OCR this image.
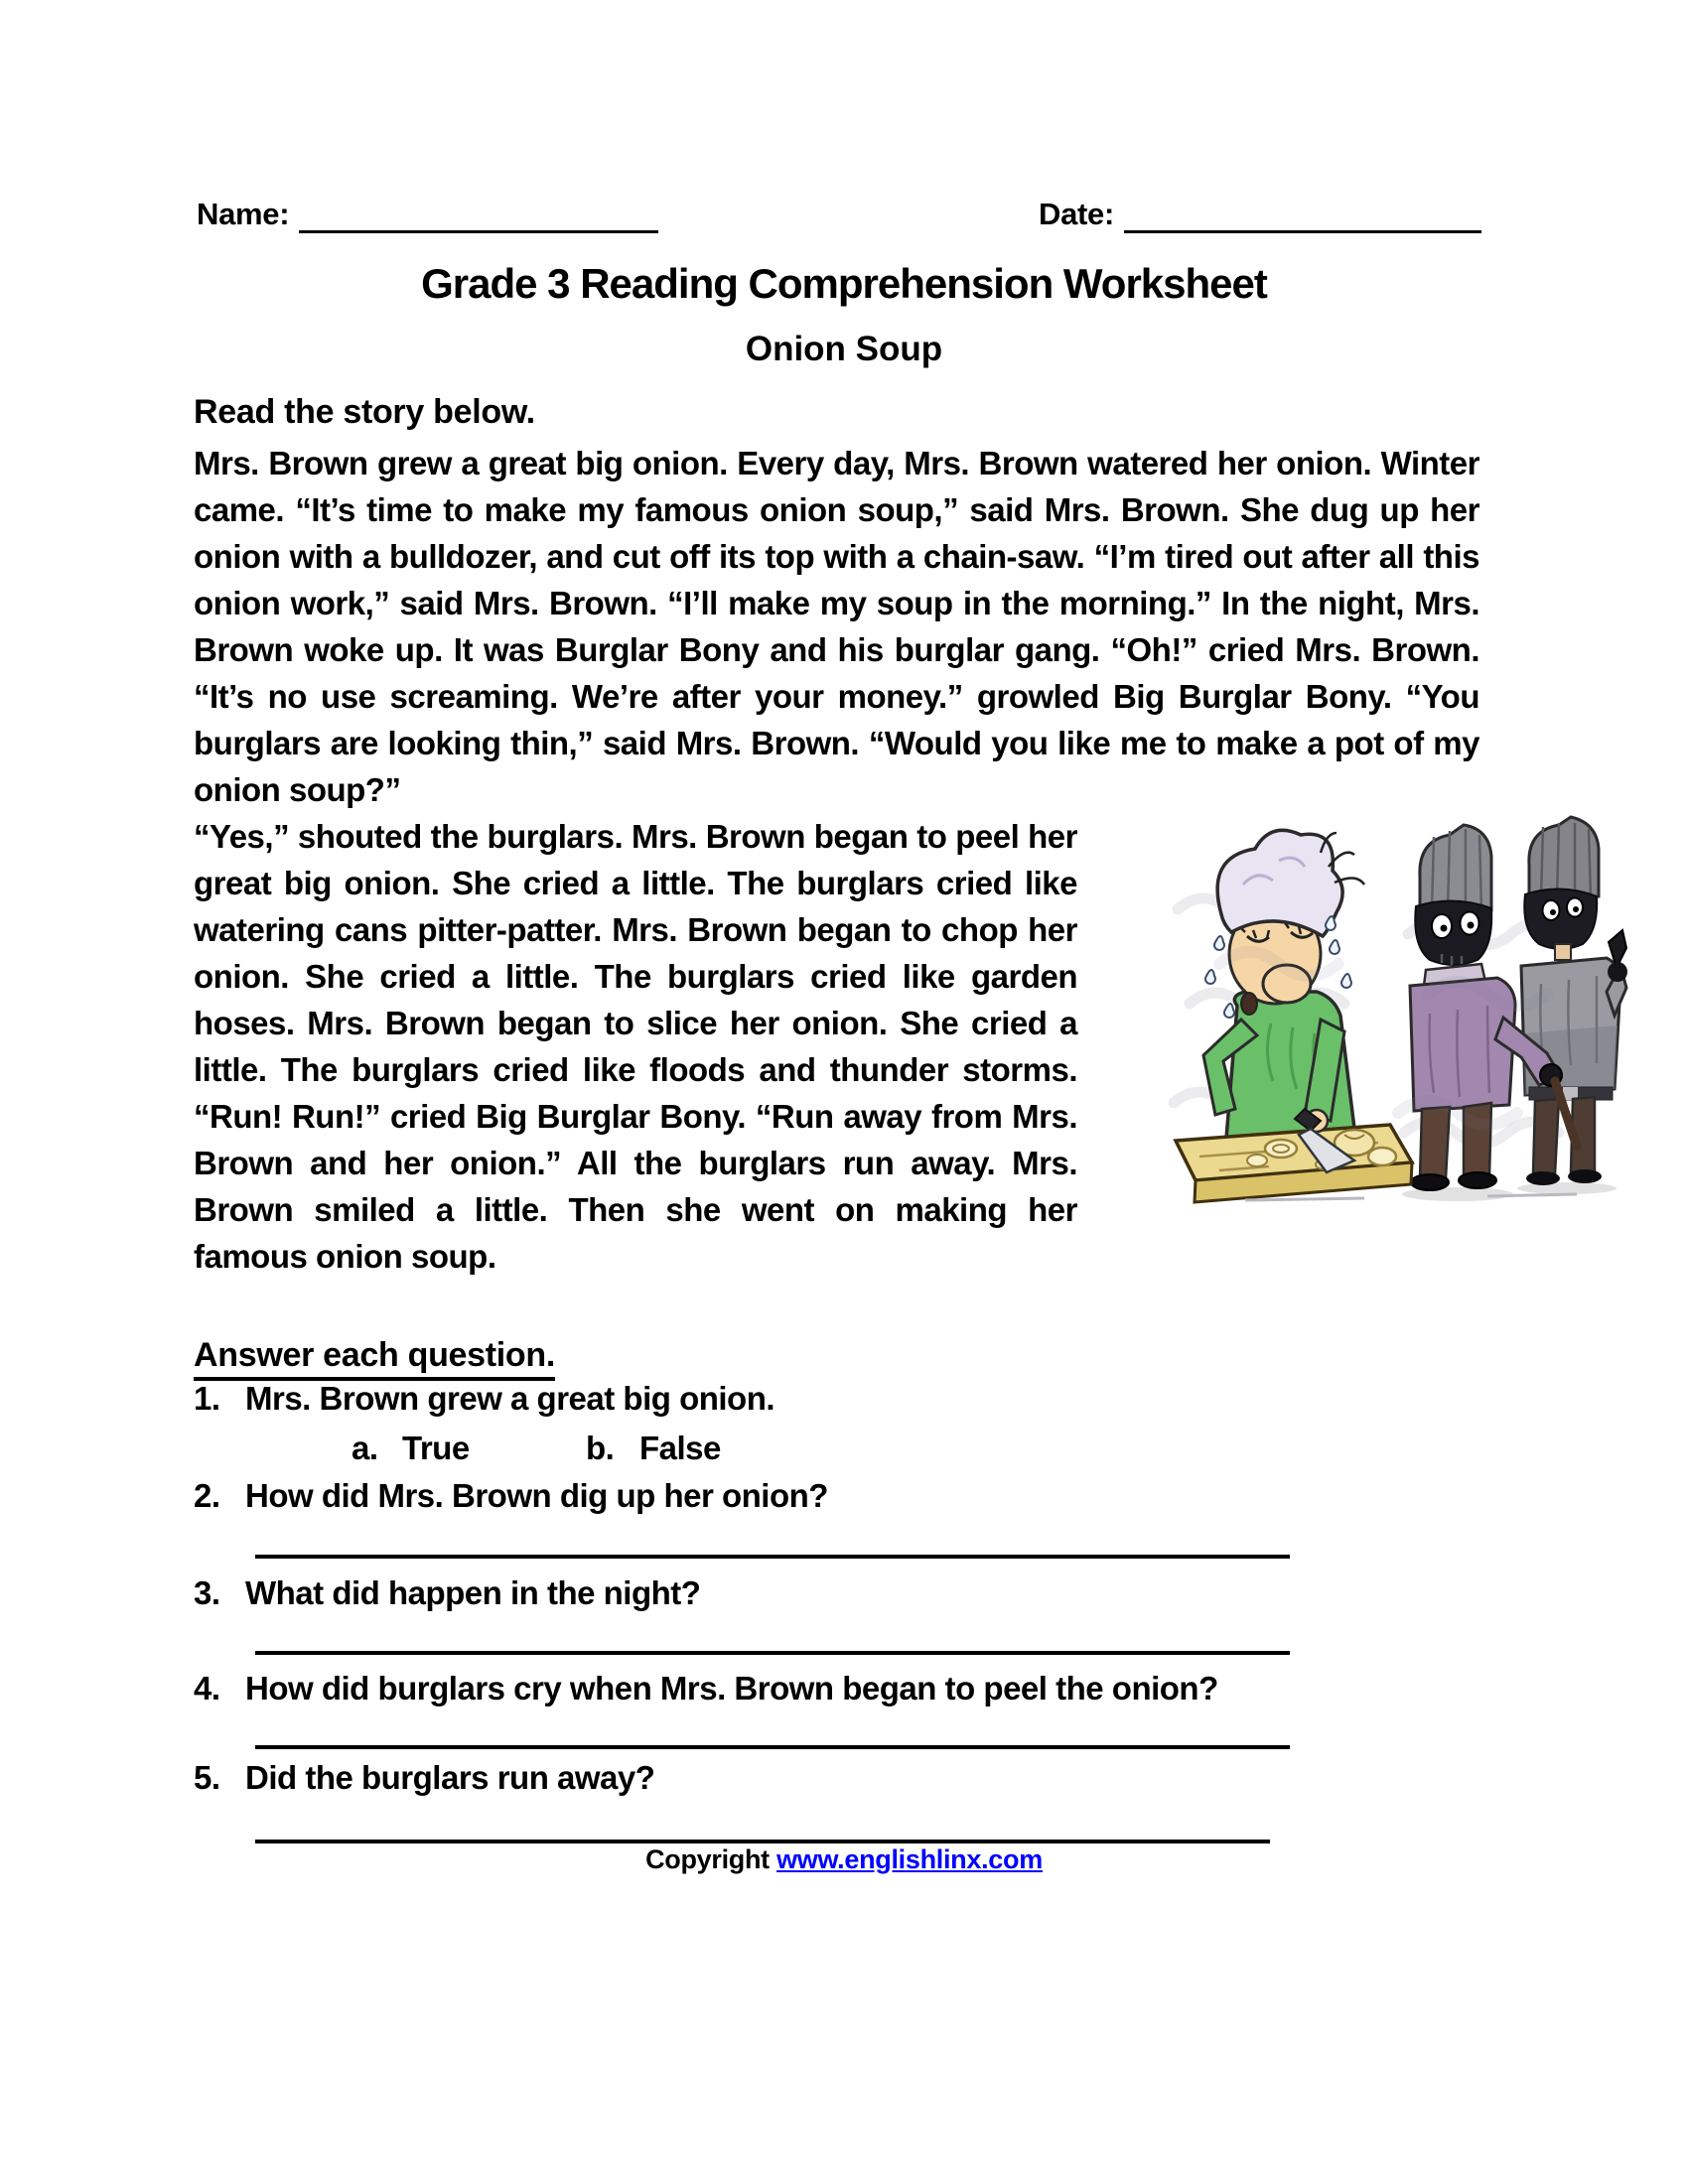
Name:	Date:
Grade 3 Reading Comprehension Worksheet
Onion Soup
Read the story below.
Mrs. Brown grew a great big onion. Every day, Mrs. Brown watered her onion. Winter came. “It’s time to make my famous onion soup,” said Mrs. Brown. She dug up her onion with a bulldozer, and cut off its top with a chain-saw. “I’m tired out after all this onion work,” said Mrs. Brown. “I’ll make my soup in the morning.” In the night, Mrs. Brown woke up. It was Burglar Bony and his burglar gang. “Oh!” cried Mrs. Brown. “It’s no use screaming. We’re after your money.” growled Big Burglar Bony. “You burglars are looking thin,” said Mrs. Brown. “Would you like me to make a pot of my onion soup?”

“Yes,” shouted the burglars. Mrs. Brown began to peel her great big onion. She cried a little. The burglars cried like watering cans pitter-patter. Mrs. Brown began to chop her onion. She cried a little. The burglars cried like garden hoses. Mrs. Brown began to slice her onion. She cried a little. The burglars cried like floods and thunder storms. “Run! Run!” cried Big Burglar Bony. “Run away from Mrs. Brown and her onion.” All the burglars run away. Mrs. Brown smiled a little. Then she went on making her famous onion soup.
Answer each question.
1. Mrs. Brown grew a great big onion.
a. True	b. False
2. How did Mrs. Brown dig up her onion?
3. What did happen in the night?
4. How did burglars cry when Mrs. Brown began to peel the onion?
5. Did the burglars run away?
Copyright www.englishlinx.com
